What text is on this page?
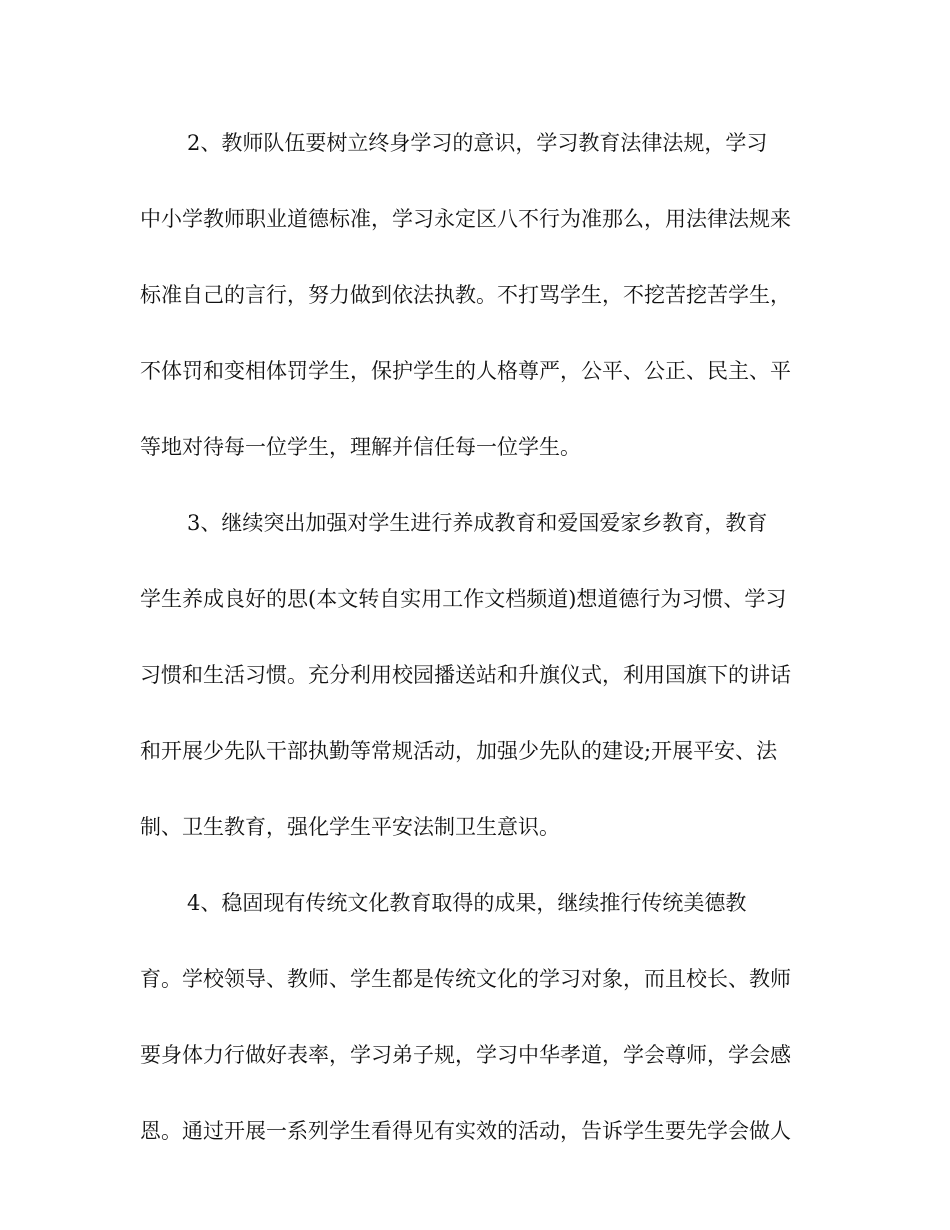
2、教师队伍要树立终身学习的意识，学习教育法律法规，学习
中小学教师职业道德标准，学习永定区八不行为准那么，用法律法规来
标准自己的言行，努力做到依法执教。不打骂学生，不挖苦挖苦学生，
不体罚和变相体罚学生，保护学生的人格尊严，公平、公正、民主、平
等地对待每一位学生，理解并信任每一位学生。
3、继续突出加强对学生进行养成教育和爱国爱家乡教育，教育
学生养成良好的思(本文转自实用工作文档频道)想道德行为习惯、学习
习惯和生活习惯。充分利用校园播送站和升旗仪式，利用国旗下的讲话
和开展少先队干部执勤等常规活动，加强少先队的建设;开展平安、法
制、卫生教育，强化学生平安法制卫生意识。
4、稳固现有传统文化教育取得的成果，继续推行传统美德教
育。学校领导、教师、学生都是传统文化的学习对象，而且校长、教师
要身体力行做好表率，学习弟子规，学习中华孝道，学会尊师，学会感
恩。通过开展一系列学生看得见有实效的活动，告诉学生要先学会做人
